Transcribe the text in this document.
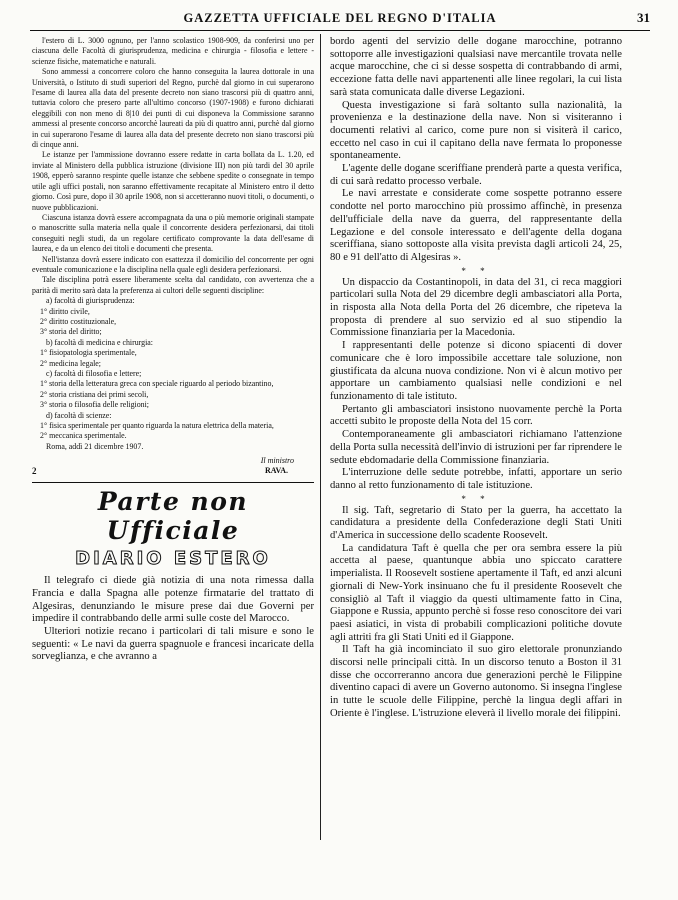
GAZZETTA UFFICIALE DEL REGNO D'ITALIA	31

l'estero di L. 3000 ognuno, per l'anno scolastico 1908-909, da conferirsi uno per ciascuna delle Facoltà di giurisprudenza, medicina e chirurgia - filosofia e lettere - scienze fisiche, matematiche e naturali.

Sono ammessi a concorrere coloro che hanno conseguita la laurea dottorale in una Università, o Istituto di studi superiori del Regno, purchè dal giorno in cui superarono l'esame di laurea alla data del presente decreto non siano trascorsi più di quattro anni, tuttavia coloro che presero parte all'ultimo concorso (1907-1908) e furono dichiarati eleggibili con non meno di 8|10 dei punti di cui disponeva la Commissione saranno ammessi al presente concorso ancorchè laureati da più di quattro anni, purchè dal giorno in cui superarono l'esame di laurea alla data del presente decreto non siano trascorsi più di cinque anni.

Le istanze per l'ammissione dovranno essere redatte in carta bollata da L. 1.20, ed inviate al Ministero della pubblica istruzione (divisione III) non più tardi del 30 aprile 1908, epperò saranno respinte quelle istanze che sebbene spedite o consegnate in tempo utile agli uffici postali, non saranno effettivamente recapitate al Ministero entro il detto giorno. Così pure, dopo il 30 aprile 1908, non si accetteranno nuovi titoli, o documenti, o nuove pubblicazioni.

Ciascuna istanza dovrà essere accompagnata da una o più memorie originali stampate o manoscritte sulla materia nella quale il concorrente desidera perfezionarsi, dai titoli conseguiti negli studi, da un regolare certificato comprovante la data dell'esame di laurea, e da un elenco dei titoli e documenti che presenta.

Nell'istanza dovrà essere indicato con esattezza il domicilio del concorrente per ogni eventuale comunicazione e la disciplina nella quale egli desidera perfezionarsi.

Tale disciplina potrà essere liberamente scelta dal candidato, con avvertenza che a parità di merito sarà data la preferenza ai cultori delle seguenti discipline:

a) facoltà di giurisprudenza:

1° diritto civile,

2° diritto costituzionale,

3° storia del diritto;

b) facoltà di medicina e chirurgia:

1° fisiopatologia sperimentale,

2° medicina legale;

c) facoltà di filosofia e lettere;

1° storia della letteratura greca con speciale riguardo al periodo bizantino,

2° storia cristiana dei primi secoli,

3° storia o filosofia delle religioni;

d) facoltà di scienze:

1° fisica sperimentale per quanto riguarda la natura elettrica della materia,

2° meccanica sperimentale.

Roma, addì 21 dicembre 1907.

Il ministro
RAVA.
2
Parte non Ufficiale
DIARIO ESTERO

Il telegrafo ci diede già notizia di una nota rimessa dalla Francia e dalla Spagna alle potenze firmatarie del trattato di Algesiras, denunziando le misure prese dai due Governi per impedire il contrabbando delle armi sulle coste del Marocco.

Ulteriori notizie recano i particolari di tali misure e sono le seguenti: « Le navi da guerra spagnuole e francesi incaricate della sorveglianza, e che avranno a

bordo agenti del servizio delle dogane marocchine, potranno sottoporre alle investigazioni qualsiasi nave mercantile trovata nelle acque marocchine, che ci si desse sospetta di contrabbando di armi, eccezione fatta delle navi appartenenti alle linee regolari, la cui lista sarà stata comunicata dalle diverse Legazioni.

Questa investigazione si farà soltanto sulla nazionalità, la provenienza e la destinazione della nave. Non si visiteranno i documenti relativi al carico, come pure non si visiterà il carico, eccetto nel caso in cui il capitano della nave fermata lo proponesse spontaneamente.

L'agente delle dogane sceriffiane prenderà parte a questa verifica, di cui sarà redatto processo verbale.

Le navi arrestate e considerate come sospette potranno essere condotte nel porto marocchino più prossimo affinchè, in presenza dell'ufficiale della nave da guerra, del rappresentante della Legazione e del console interessato e dell'agente della dogana sceriffiana, siano sottoposte alla visita prevista dagli articoli 24, 25, 80 e 91 dell'atto di Algesiras ».

* *

Un dispaccio da Costantinopoli, in data del 31, ci reca maggiori particolari sulla Nota del 29 dicembre degli ambasciatori alla Porta, in risposta alla Nota della Porta del 26 dicembre, che ripeteva la proposta di prendere al suo servizio ed al suo stipendio la Commissione finanziaria per la Macedonia.

I rappresentanti delle potenze si dicono spiacenti di dover comunicare che è loro impossibile accettare tale soluzione, non giustificata da alcuna nuova condizione. Non vi è alcun motivo per apportare un cambiamento qualsiasi nelle condizioni e nel funzionamento di tale istituto.

Pertanto gli ambasciatori insistono nuovamente perchè la Porta accetti subito le proposte della Nota del 15 corr.

Contemporaneamente gli ambasciatori richiamano l'attenzione della Porta sulla necessità dell'invio di istruzioni per far riprendere le sedute ebdomadarie della Commissione finanziaria.

L'interruzione delle sedute potrebbe, infatti, apportare un serio danno al retto funzionamento di tale istituzione.

* *

Il sig. Taft, segretario di Stato per la guerra, ha accettato la candidatura a presidente della Confederazione degli Stati Uniti d'America in successione dello scadente Roosevelt.

La candidatura Taft è quella che per ora sembra essere la più accetta al paese, quantunque abbia uno spiccato carattere imperialista. Il Roosevelt sostiene apertamente il Taft, ed anzi alcuni giornali di New-York insinuano che fu il presidente Roosevelt che consigliò al Taft il viaggio da questi ultimamente fatto in Cina, Giappone e Russia, appunto perchè si fosse reso conoscitore dei vari paesi asiatici, in vista di probabili complicazioni politiche dovute agli attriti fra gli Stati Uniti ed il Giappone.

Il Taft ha già incominciato il suo giro elettorale pronunziando discorsi nelle principali città. In un discorso tenuto a Boston il 31 disse che occorreranno ancora due generazioni perchè le Filippine diventino capaci di avere un Governo autonomo. Si insegna l'inglese in tutte le scuole delle Filippine, perchè la lingua degli affari in Oriente è l'inglese. L'istruzione eleverà il livello morale dei filippini.
